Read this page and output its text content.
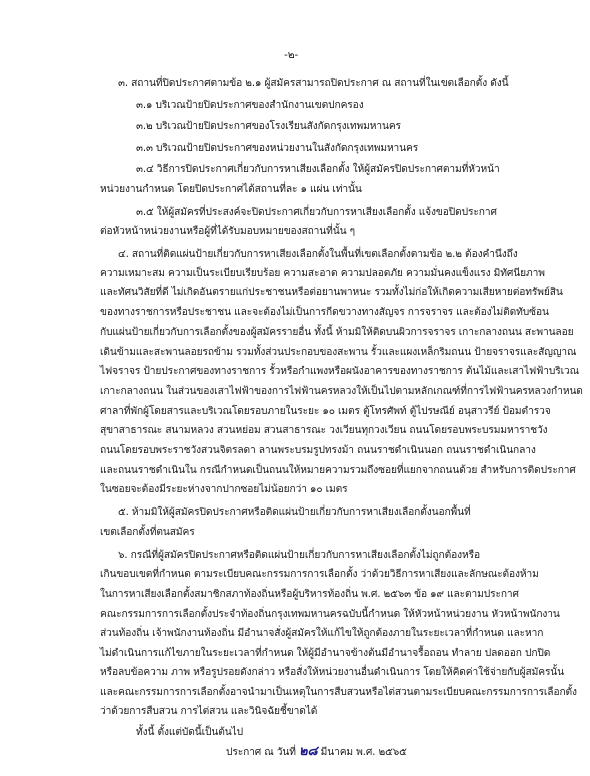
-๒-
๓. สถานที่ปิดประกาศตามข้อ ๒.๑ ผู้สมัครสามารถปิดประกาศ ณ สถานที่ในเขตเลือกตั้ง ดังนี้
๓.๑ บริเวณป้ายปิดประกาศของสำนักงานเขตปกครอง
๓.๒ บริเวณป้ายปิดประกาศของโรงเรียนสังกัดกรุงเทพมหานคร
๓.๓ บริเวณป้ายปิดประกาศของหน่วยงานในสังกัดกรุงเทพมหานคร
๓.๔ วิธีการปิดประกาศเกี่ยวกับการหาเสียงเลือกตั้ง ให้ผู้สมัครปิดประกาศตามที่หัวหน้า
หน่วยงานกำหนด โดยปิดประกาศได้สถานที่ละ ๑ แผ่น เท่านั้น
๓.๕ ให้ผู้สมัครที่ประสงค์จะปิดประกาศเกี่ยวกับการหาเสียงเลือกตั้ง แจ้งขอปิดประกาศ
ต่อหัวหน้าหน่วยงานหรือผู้ที่ได้รับมอบหมายของสถานที่นั้น ๆ
๔. สถานที่ติดแผ่นป้ายเกี่ยวกับการหาเสียงเลือกตั้งในพื้นที่เขตเลือกตั้งตามข้อ ๒.๒ ต้องคำนึงถึง
ความเหมาะสม ความเป็นระเบียบเรียบร้อย ความสะอาด ความปลอดภัย ความมั่นคงแข็งแรง มิทัศนียภาพ
และทัศนวิสัยที่ดี ไม่เกิดอันตรายแก่ประชาชนหรือต่อยานพาหนะ รวมทั้งไม่ก่อให้เกิดความเสียหายต่อทรัพย์สิน
ของทางราชการหรือประชาชน และจะต้องไม่เป็นการกีดขวางทางสัญจร การจราจร และต้องไม่ติดทับซ้อน
กับแผ่นป้ายเกี่ยวกับการเลือกตั้งของผู้สมัครรายอื่น ทั้งนี้ ห้ามมิให้ติดบนผิวการจราจร เกาะกลางถนน สะพานลอย
เดินข้ามและสะพานลอยรถข้าม รวมทั้งส่วนประกอบของสะพาน รั้วและแผงเหล็กริมถนน ป้ายจราจรและสัญญาณ
ไฟจราจร ป้ายประกาศของทางราชการ รั้วหรือกำแพงหรือผนังอาคารของทางราชการ ต้นไม้และเสาไฟฟ้าบริเวณ
เกาะกลางถนน ในส่วนของเสาไฟฟ้าของการไฟฟ้านครหลวงให้เป็นไปตามหลักเกณฑ์ที่การไฟฟ้านครหลวงกำหนด
ศาลาที่พักผู้โดยสารและบริเวณโดยรอบภายในระยะ ๑๐ เมตร ตู้โทรศัพท์ ตู้ไปรษณีย์ อนุสาวรีย์ ป้อมตำรวจ
สุขาสาธารณะ สนามหลวง สวนหย่อม สวนสาธารณะ วงเวียนทุกวงเวียน ถนนโดยรอบพระบรมมหาราชวัง
ถนนโดยรอบพระราชวังสวนจิตรลดา ลานพระบรมรูปทรงม้า ถนนราชดำเนินนอก ถนนราชดำเนินกลาง
และถนนราชดำเนินใน กรณีกำหนดเป็นถนนให้หมายความรวมถึงซอยที่แยกจากถนนด้วย สำหรับการติดประกาศ
ในซอยจะต้องมีระยะห่างจากปากซอยไม่น้อยกว่า ๑๐ เมตร
๕. ห้ามมิให้ผู้สมัครปิดประกาศหรือติดแผ่นป้ายเกี่ยวกับการหาเสียงเลือกตั้งนอกพื้นที่
เขตเลือกตั้งที่ตนสมัคร
๖. กรณีที่ผู้สมัครปิดประกาศหรือติดแผ่นป้ายเกี่ยวกับการหาเสียงเลือกตั้งไม่ถูกต้องหรือ
เกินขอบเขตที่กำหนด ตามระเบียบคณะกรรมการการเลือกตั้ง ว่าด้วยวิธีการหาเสียงและลักษณะต้องห้าม
ในการหาเสียงเลือกตั้งสมาชิกสภาท้องถิ่นหรือผู้บริหารท้องถิ่น พ.ศ. ๒๕๖๓ ข้อ ๑๙ และตามประกาศ
คณะกรรมการการเลือกตั้งประจำท้องถิ่นกรุงเทพมหานครฉบับนี้กำหนด ให้หัวหน้าหน่วยงาน หัวหน้าพนักงาน
ส่วนท้องถิ่น เจ้าพนักงานท้องถิ่น มีอำนาจสั่งผู้สมัครให้แก้ไขให้ถูกต้องภายในระยะเวลาที่กำหนด และหาก
ไม่ดำเนินการแก้ไขภายในระยะเวลาที่กำหนด ให้ผู้มีอำนาจข้างต้นมีอำนาจรื้อถอน ทำลาย ปลดออก ปกปิด
หรือลบข้อความ ภาพ หรือรูปรอยดังกล่าว หรือสั่งให้หน่วยงานอื่นดำเนินการ โดยให้คิดค่าใช้จ่ายกับผู้สมัครนั้น
และคณะกรรมการการเลือกตั้งอาจนำมาเป็นเหตุในการสืบสวนหรือไต่สวนตามระเบียบคณะกรรมการการเลือกตั้ง
ว่าด้วยการสืบสวน การไต่สวน และวินิจฉัยชี้ขาดได้
ทั้งนี้ ตั้งแต่บัดนี้เป็นต้นไป
ประกาศ ณ วันที่ ๒๘ มีนาคม พ.ศ. ๒๕๖๕
